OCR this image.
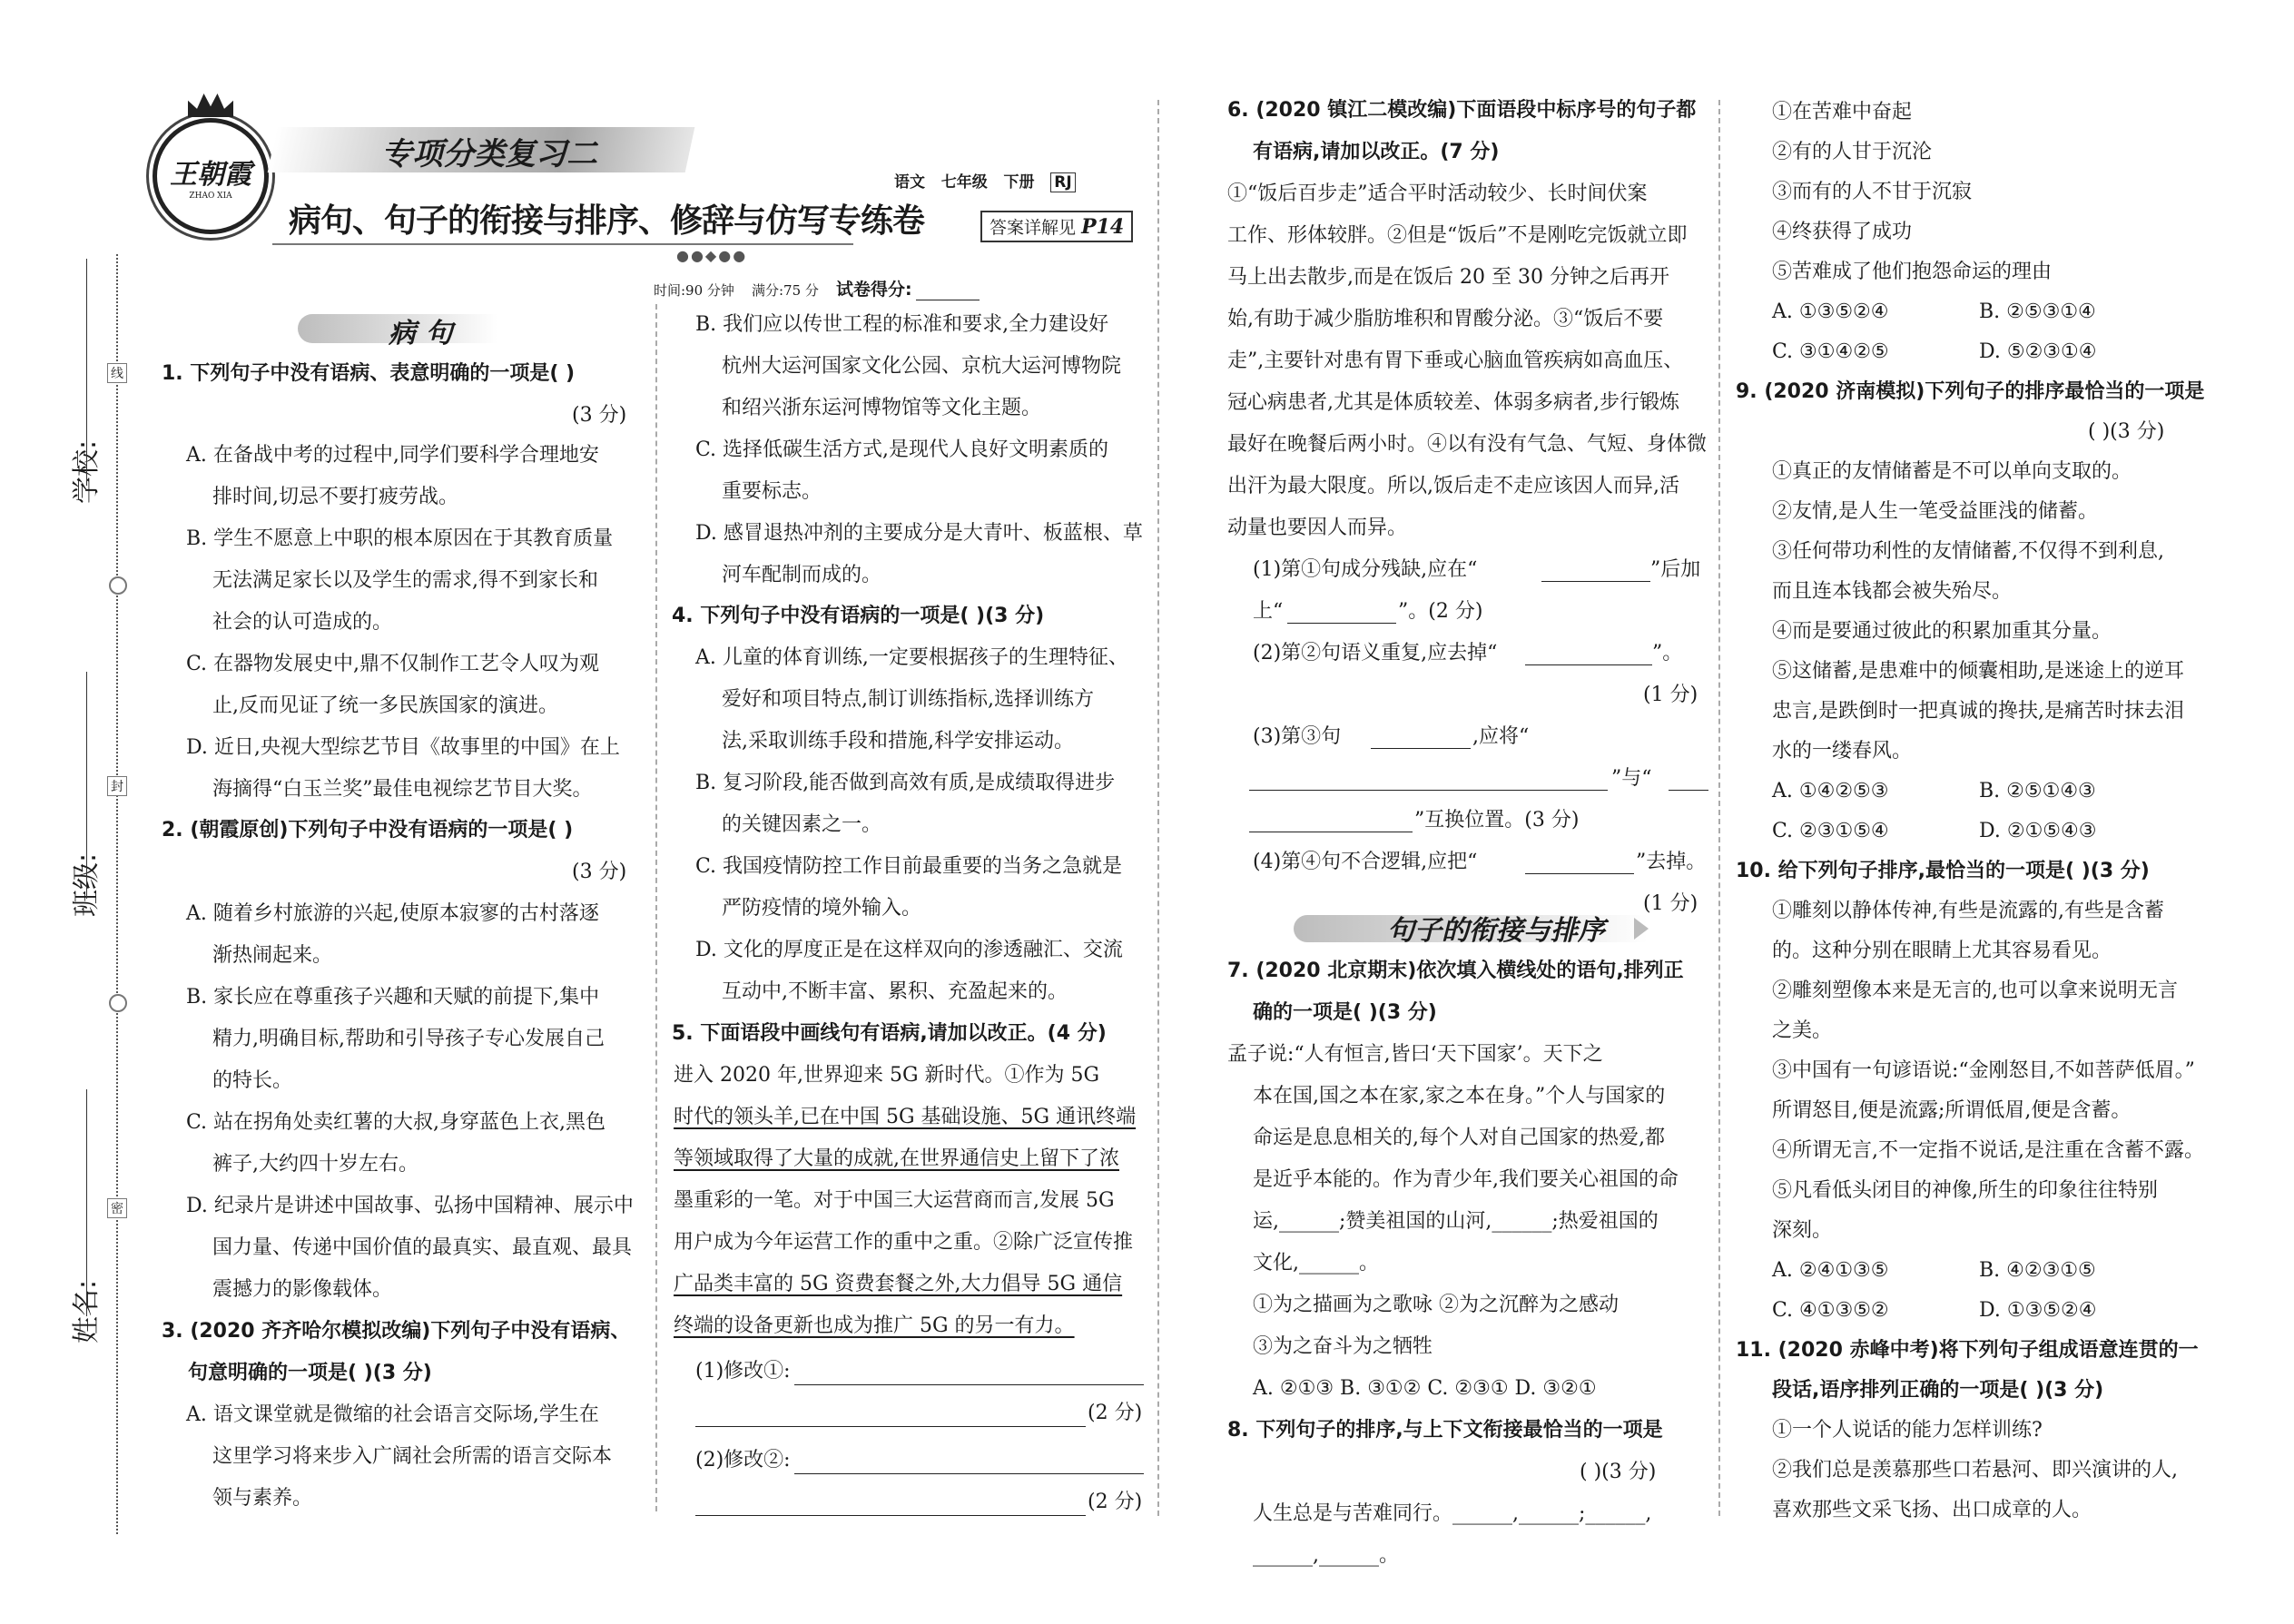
学校:
班级:
姓名:
线
封
密
王朝霞
ZHAO XIA
专项分类复习二
病句、句子的衔接与排序、修辞与仿写专练卷
●●◆●●
语文 七年级 下册 RJ
答案详解见 P14
时间:90 分钟 满分:75 分 试卷得分:
病 句
1. 下列句子中没有语病、表意明确的一项是( )
(3 分)
A. 在备战中考的过程中,同学们要科学合理地安
排时间,切忌不要打疲劳战。
B. 学生不愿意上中职的根本原因在于其教育质量
无法满足家长以及学生的需求,得不到家长和
社会的认可造成的。
C. 在器物发展史中,鼎不仅制作工艺令人叹为观
止,反而见证了统一多民族国家的演进。
D. 近日,央视大型综艺节目《故事里的中国》在上
海摘得“白玉兰奖”最佳电视综艺节目大奖。
2. (朝霞原创)下列句子中没有语病的一项是( )
(3 分)
A. 随着乡村旅游的兴起,使原本寂寥的古村落逐
渐热闹起来。
B. 家长应在尊重孩子兴趣和天赋的前提下,集中
精力,明确目标,帮助和引导孩子专心发展自己
的特长。
C. 站在拐角处卖红薯的大叔,身穿蓝色上衣,黑色
裤子,大约四十岁左右。
D. 纪录片是讲述中国故事、弘扬中国精神、展示中
国力量、传递中国价值的最真实、最直观、最具
震撼力的影像载体。
3. (2020 齐齐哈尔模拟改编)下列句子中没有语病、
句意明确的一项是( )(3 分)
A. 语文课堂就是微缩的社会语言交际场,学生在
这里学习将来步入广阔社会所需的语言交际本
领与素养。
B. 我们应以传世工程的标准和要求,全力建设好
杭州大运河国家文化公园、京杭大运河博物院
和绍兴浙东运河博物馆等文化主题。
C. 选择低碳生活方式,是现代人良好文明素质的
重要标志。
D. 感冒退热冲剂的主要成分是大青叶、板蓝根、草
河车配制而成的。
4. 下列句子中没有语病的一项是( )(3 分)
A. 儿童的体育训练,一定要根据孩子的生理特征、
爱好和项目特点,制订训练指标,选择训练方
法,采取训练手段和措施,科学安排运动。
B. 复习阶段,能否做到高效有质,是成绩取得进步
的关键因素之一。
C. 我国疫情防控工作目前最重要的当务之急就是
严防疫情的境外输入。
D. 文化的厚度正是在这样双向的渗透融汇、交流
互动中,不断丰富、累积、充盈起来的。
5. 下面语段中画线句有语病,请加以改正。(4 分)
进入 2020 年,世界迎来 5G 新时代。①作为 5G
时代的领头羊,已在中国 5G 基础设施、5G 通讯终端
等领域取得了大量的成就,在世界通信史上留下了浓
墨重彩的一笔。对于中国三大运营商而言,发展 5G
用户成为今年运营工作的重中之重。②除广泛宣传推
广品类丰富的 5G 资费套餐之外,大力倡导 5G 通信
终端的设备更新也成为推广 5G 的另一有力。
(1)修改①:
(2 分)
(2)修改②:
(2 分)
6. (2020 镇江二模改编)下面语段中标序号的句子都
有语病,请加以改正。(7 分)
①“饭后百步走”适合平时活动较少、长时间伏案
工作、形体较胖。②但是“饭后”不是刚吃完饭就立即
马上出去散步,而是在饭后 20 至 30 分钟之后再开
始,有助于减少脂肪堆积和胃酸分泌。③“饭后不要
走”,主要针对患有胃下垂或心脑血管疾病如高血压、
冠心病患者,尤其是体质较差、体弱多病者,步行锻炼
最好在晚餐后两小时。④以有没有气急、气短、身体微
出汗为最大限度。所以,饭后走不走应该因人而异,活
动量也要因人而异。
(1)第①句成分残缺,应在“	”后加
上“	”。(2 分)
(2)第②句语义重复,应去掉“	”。
(1 分)
(3)第③句	,应将“
”与“
”互换位置。(3 分)
(4)第④句不合逻辑,应把“	”去掉。
(1 分)
句子的衔接与排序
7. (2020 北京期末)依次填入横线处的语句,排列正
确的一项是( )(3 分)
孟子说:“人有恒言,皆曰‘天下国家’。天下之
本在国,国之本在家,家之本在身。”个人与国家的
命运是息息相关的,每个人对自己国家的热爱,都
是近乎本能的。作为青少年,我们要关心祖国的命
运,______;赞美祖国的山河,______;热爱祖国的
文化,______。
①为之描画为之歌咏 ②为之沉醉为之感动
③为之奋斗为之牺牲
A. ②①③ B. ③①② C. ②③① D. ③②①
8. 下列句子的排序,与上下文衔接最恰当的一项是
( )(3 分)
人生总是与苦难同行。______,______;______,
______,______。
①在苦难中奋起
②有的人甘于沉沦
③而有的人不甘于沉寂
④终获得了成功
⑤苦难成了他们抱怨命运的理由
A. ①③⑤②④	B. ②⑤③①④
C. ③①④②⑤	D. ⑤②③①④
9. (2020 济南模拟)下列句子的排序最恰当的一项是
( )(3 分)
①真正的友情储蓄是不可以单向支取的。
②友情,是人生一笔受益匪浅的储蓄。
③任何带功利性的友情储蓄,不仅得不到利息,
而且连本钱都会被失殆尽。
④而是要通过彼此的积累加重其分量。
⑤这储蓄,是患难中的倾囊相助,是迷途上的逆耳
忠言,是跌倒时一把真诚的搀扶,是痛苦时抹去泪
水的一缕春风。
A. ①④②⑤③	B. ②⑤①④③
C. ②③①⑤④	D. ②①⑤④③
10. 给下列句子排序,最恰当的一项是( )(3 分)
①雕刻以静体传神,有些是流露的,有些是含蓄
的。这种分别在眼睛上尤其容易看见。
②雕刻塑像本来是无言的,也可以拿来说明无言
之美。
③中国有一句谚语说:“金刚怒目,不如菩萨低眉。”
所谓怒目,便是流露;所谓低眉,便是含蓄。
④所谓无言,不一定指不说话,是注重在含蓄不露。
⑤凡看低头闭目的神像,所生的印象往往特别
深刻。
A. ②④①③⑤	B. ④②③①⑤
C. ④①③⑤②	D. ①③⑤②④
11. (2020 赤峰中考)将下列句子组成语意连贯的一
段话,语序排列正确的一项是( )(3 分)
①一个人说话的能力怎样训练?
②我们总是羡慕那些口若悬河、即兴演讲的人,
喜欢那些文采飞扬、出口成章的人。
